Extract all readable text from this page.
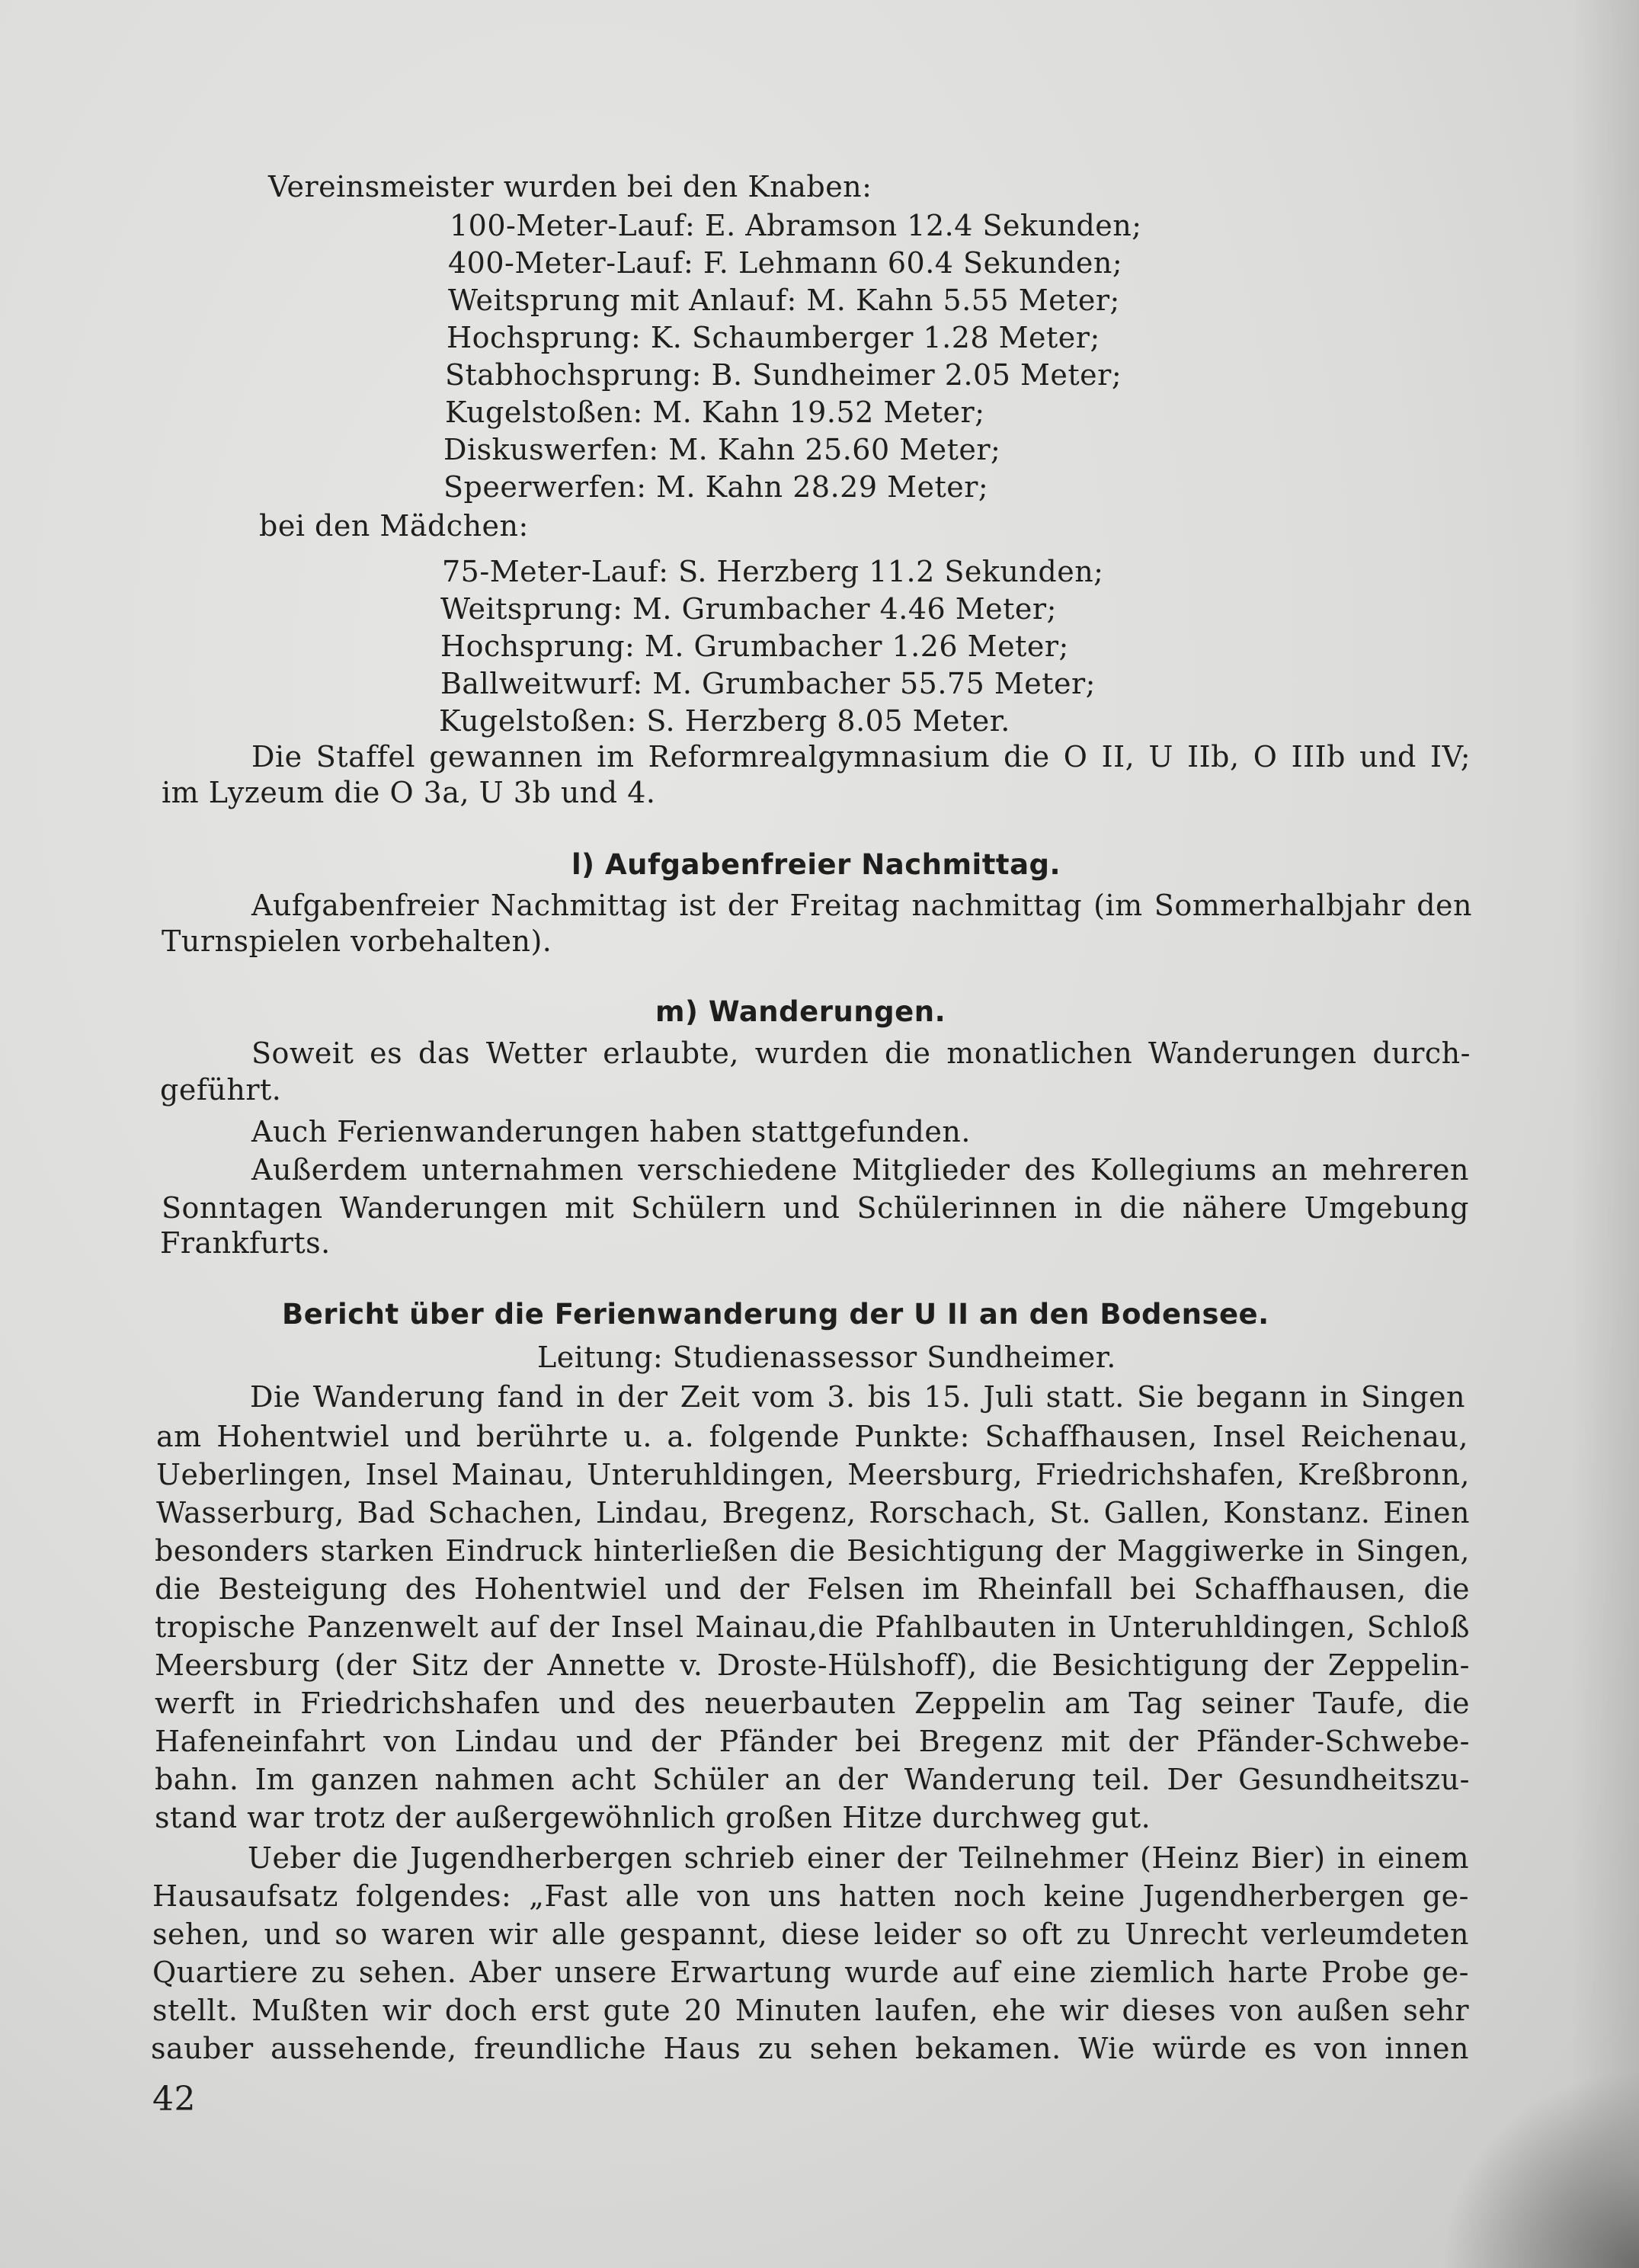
Vereinsmeister wurden bei den Knaben:
100-Meter-Lauf: E. Abramson 12.4 Sekunden;
400-Meter-Lauf: F. Lehmann 60.4 Sekunden;
Weitsprung mit Anlauf: M. Kahn 5.55 Meter;
Hochsprung: K. Schaumberger 1.28 Meter;
Stabhochsprung: B. Sundheimer 2.05 Meter;
Kugelstoßen: M. Kahn 19.52 Meter;
Diskuswerfen: M. Kahn 25.60 Meter;
Speerwerfen: M. Kahn 28.29 Meter;
bei den Mädchen:
75-Meter-Lauf: S. Herzberg 11.2 Sekunden;
Weitsprung: M. Grumbacher 4.46 Meter;
Hochsprung: M. Grumbacher 1.26 Meter;
Ballweitwurf: M. Grumbacher 55.75 Meter;
Kugelstoßen: S. Herzberg 8.05 Meter.
Die Staffel gewannen im Reformrealgymnasium die O II, U IIb, O IIIb und IV;
im Lyzeum die O 3a, U 3b und 4.
l) Aufgabenfreier Nachmittag.
Aufgabenfreier Nachmittag ist der Freitag nachmittag (im Sommerhalbjahr den
Turnspielen vorbehalten).
m) Wanderungen.
Soweit es das Wetter erlaubte, wurden die monatlichen Wanderungen durch-
geführt.
Auch Ferienwanderungen haben stattgefunden.
Außerdem unternahmen verschiedene Mitglieder des Kollegiums an mehreren
Sonntagen Wanderungen mit Schülern und Schülerinnen in die nähere Umgebung
Frankfurts.
Bericht über die Ferienwanderung der U II an den Bodensee.
Leitung: Studienassessor Sundheimer.
Die Wanderung fand in der Zeit vom 3. bis 15. Juli statt. Sie begann in Singen
am Hohentwiel und berührte u. a. folgende Punkte: Schaffhausen, Insel Reichenau,
Ueberlingen, Insel Mainau, Unteruhldingen, Meersburg, Friedrichshafen, Kreßbronn,
Wasserburg, Bad Schachen, Lindau, Bregenz, Rorschach, St. Gallen, Konstanz. Einen
besonders starken Eindruck hinterließen die Besichtigung der Maggiwerke in Singen,
die Besteigung des Hohentwiel und der Felsen im Rheinfall bei Schaffhausen, die
tropische Panzenwelt auf der Insel Mainau,die Pfahlbauten in Unteruhldingen, Schloß
Meersburg (der Sitz der Annette v. Droste-Hülshoff), die Besichtigung der Zeppelin-
werft in Friedrichshafen und des neuerbauten Zeppelin am Tag seiner Taufe, die
Hafeneinfahrt von Lindau und der Pfänder bei Bregenz mit der Pfänder-Schwebe-
bahn. Im ganzen nahmen acht Schüler an der Wanderung teil. Der Gesundheitszu-
stand war trotz der außergewöhnlich großen Hitze durchweg gut.
Ueber die Jugendherbergen schrieb einer der Teilnehmer (Heinz Bier) in einem
Hausaufsatz folgendes: „Fast alle von uns hatten noch keine Jugendherbergen ge-
sehen, und so waren wir alle gespannt, diese leider so oft zu Unrecht verleumdeten
Quartiere zu sehen. Aber unsere Erwartung wurde auf eine ziemlich harte Probe ge-
stellt. Mußten wir doch erst gute 20 Minuten laufen, ehe wir dieses von außen sehr
sauber aussehende, freundliche Haus zu sehen bekamen. Wie würde es von innen
42
